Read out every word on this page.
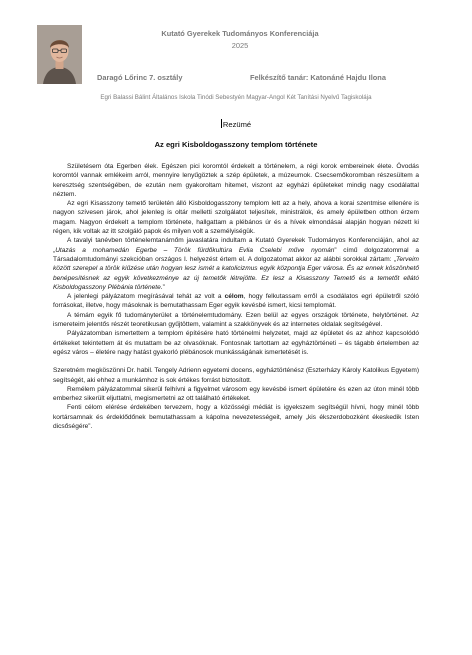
Kutató Gyerekek Tudományos Konferenciája
2025
Daragó Lőrinc 7. osztály	Felkészítő tanár: Katonáné Hajdu Ilona
Egri Balassi Bálint Általános Iskola Tinódi Sebestyén Magyar-Angol Két Tanítási Nyelvű Tagiskolája
Rezümé
Az egri Kisboldogasszony templom története

Születésem óta Egerben élek. Egészen pici koromtól érdekelt a történelem, a régi korok embereinek élete. Óvodás koromtól vannak emlékeim arról, mennyire lenyűgöztek a szép épületek, a múzeumok. Csecsemőkoromban részesültem a keresztség szentségében, de ezután nem gyakoroltam hitemet, viszont az egyházi épületeket mindig nagy csodálattal néztem.

Az egri Kisasszony temető területén álló Kisboldogasszony templom lett az a hely, ahova a korai szentmise ellenére is nagyon szívesen járok, ahol jelenleg is oltár melletti szolgálatot teljesítek, ministrálok, és amely épületben otthon érzem magam. Nagyon érdekelt a templom története, hallgattam a plébános úr és a hívek elmondásai alapján hogyan nézett ki régen, kik voltak az itt szolgáló papok és milyen volt a személyiségük.

A tavalyi tanévben történelemtanárnőm javaslatára indultam a Kutató Gyerekek Tudományos Konferenciáján, ahol az „Utazás a mohamedán Egerbe – Török fürdőkultúra Evlia Cselebi műve nyomán” című dolgozatommal a Társadalomtudományi szekcióban országos I. helyezést értem el. A dolgozatomat akkor az alábbi sorokkal zártam: „Terveim között szerepel a török kiűzése után hogyan lesz ismét a katolicizmus egyik központja Eger városa. És az ennek köszönhető benépesítésnek az egyik következménye az új temetők létrejötte. Ez lesz a Kisasszony Temető és a temetőt ellátó Kisboldogasszony Plébánia története.”

A jelenlegi pályázatom megírásával tehát az volt a célom, hogy felkutassam erről a csodálatos egri épületről szóló forrásokat, illetve, hogy másoknak is bemutathassam Eger egyik kevésbé ismert, kicsi templomát.

A témám egyik fő tudományterület a történelemtudomány. Ezen belül az egyes országok története, helytörténet. Az ismereteim jelentős részét teoretikusan gyűjtöttem, valamint a szakkönyvek és az internetes oldalak segítségével.

Pályázatomban ismertettem a templom építésére ható történelmi helyzetet, majd az épületet és az ahhoz kapcsolódó értékeket tekintettem át és mutattam be az olvasóknak. Fontosnak tartottam az egyháztörténeti – és tágabb értelemben az egész város – életére nagy hatást gyakorló plébánosok munkásságának ismertetését is.

Szeretném megköszönni Dr. habil. Tengely Adrienn egyetemi docens, egyháztörténész (Eszterházy Károly Katolikus Egyetem) segítségét, aki ehhez a munkámhoz is sok értékes forrást biztosított.

Remélem pályázatommal sikerül felhívni a figyelmet városom egy kevésbé ismert épületére és ezen az úton minél több emberhez sikerült eljuttatni, megismertetni az ott található értékeket.

Fenti célom elérése érdekében tervezem, hogy a közösségi médiát is igyekszem segítségül hívni, hogy minél több kortársamnak és érdeklődőnek bemutathassam a kápolna nevezetességeit, amely „kis ékszerdobozként ékeskedik Isten dicsőségére”.
